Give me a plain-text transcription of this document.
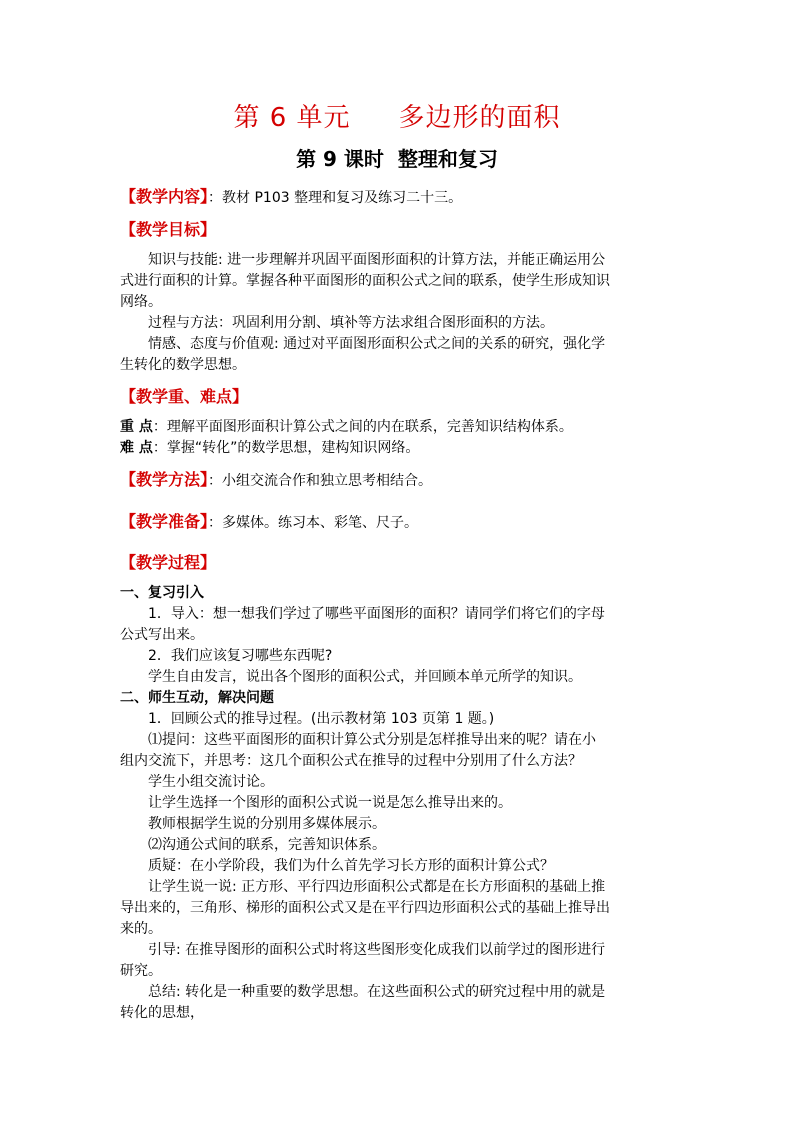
第 6 单元 多边形的面积
第 9 课时 整理和复习
【教学内容】：教材 P103 整理和复习及练习二十三。
【教学目标】
知识与技能: 进一步理解并巩固平面图形面积的计算方法，并能正确运用公
式进行面积的计算。掌握各种平面图形的面积公式之间的联系，使学生形成知识
网络。
过程与方法：巩固利用分割、填补等方法求组合图形面积的方法。
情感、态度与价值观: 通过对平面图形面积公式之间的关系的研究，强化学
生转化的数学思想。
【教学重、难点】
重 点：理解平面图形面积计算公式之间的内在联系，完善知识结构体系。
难 点：掌握“转化”的数学思想，建构知识网络。
【教学方法】：小组交流合作和独立思考相结合。
【教学准备】：多媒体。练习本、彩笔、尺子。
【教学过程】
一、复习引入
1．导入：想一想我们学过了哪些平面图形的面积？请同学们将它们的字母
公式写出来。
2．我们应该复习哪些东西呢?
学生自由发言，说出各个图形的面积公式，并回顾本单元所学的知识。
二、师生互动，解决问题
1．回顾公式的推导过程。(出示教材第 103 页第 1 题。)
⑴提问：这些平面图形的面积计算公式分别是怎样推导出来的呢？请在小
组内交流下，并思考：这几个面积公式在推导的过程中分别用了什么方法？
学生小组交流讨论。
让学生选择一个图形的面积公式说一说是怎么推导出来的。
教师根据学生说的分别用多媒体展示。
⑵沟通公式间的联系，完善知识体系。
质疑：在小学阶段，我们为什么首先学习长方形的面积计算公式？
让学生说一说: 正方形、平行四边形面积公式都是在长方形面积的基础上推
导出来的，三角形、梯形的面积公式又是在平行四边形面积公式的基础上推导出
来的。
引导: 在推导图形的面积公式时将这些图形变化成我们以前学过的图形进行
研究。
总结: 转化是一种重要的数学思想。在这些面积公式的研究过程中用的就是
转化的思想，
